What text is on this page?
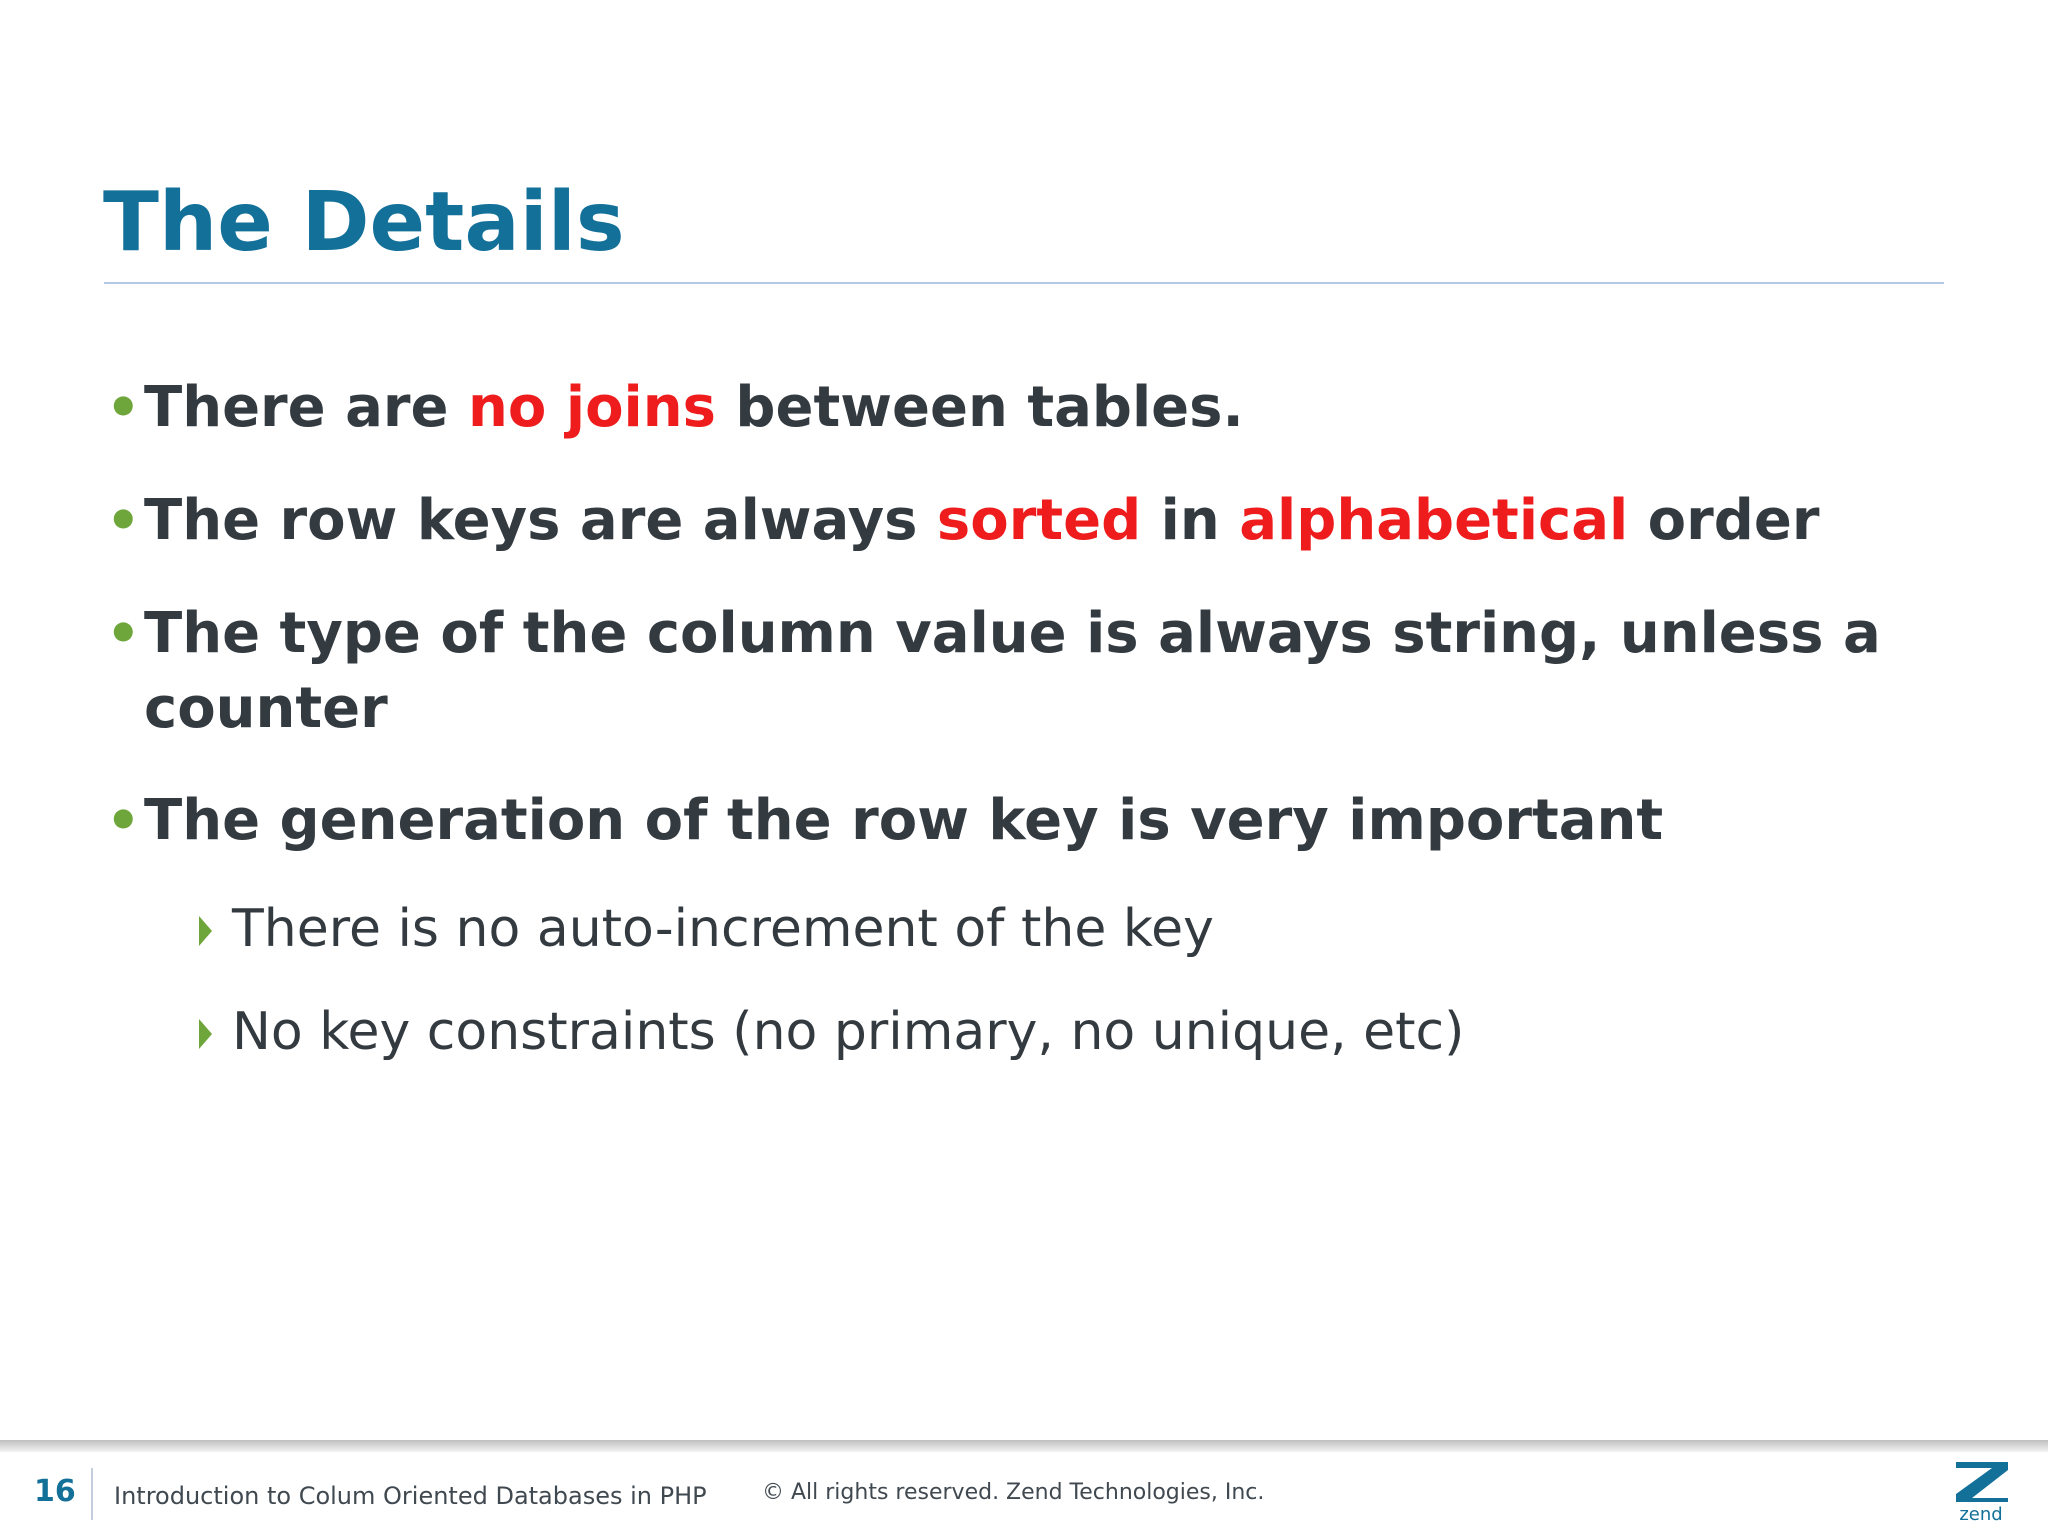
The Details
• There are no joins between tables.
• The row keys are always sorted in alphabetical order
• The type of the column value is always string, unless a
counter
• The generation of the row key is very important
There is no auto-increment of the key
No key constraints (no primary, no unique, etc)
16	Introduction to Colum Oriented Databases in PHP	© All rights reserved. Zend Technologies, Inc.
zend
